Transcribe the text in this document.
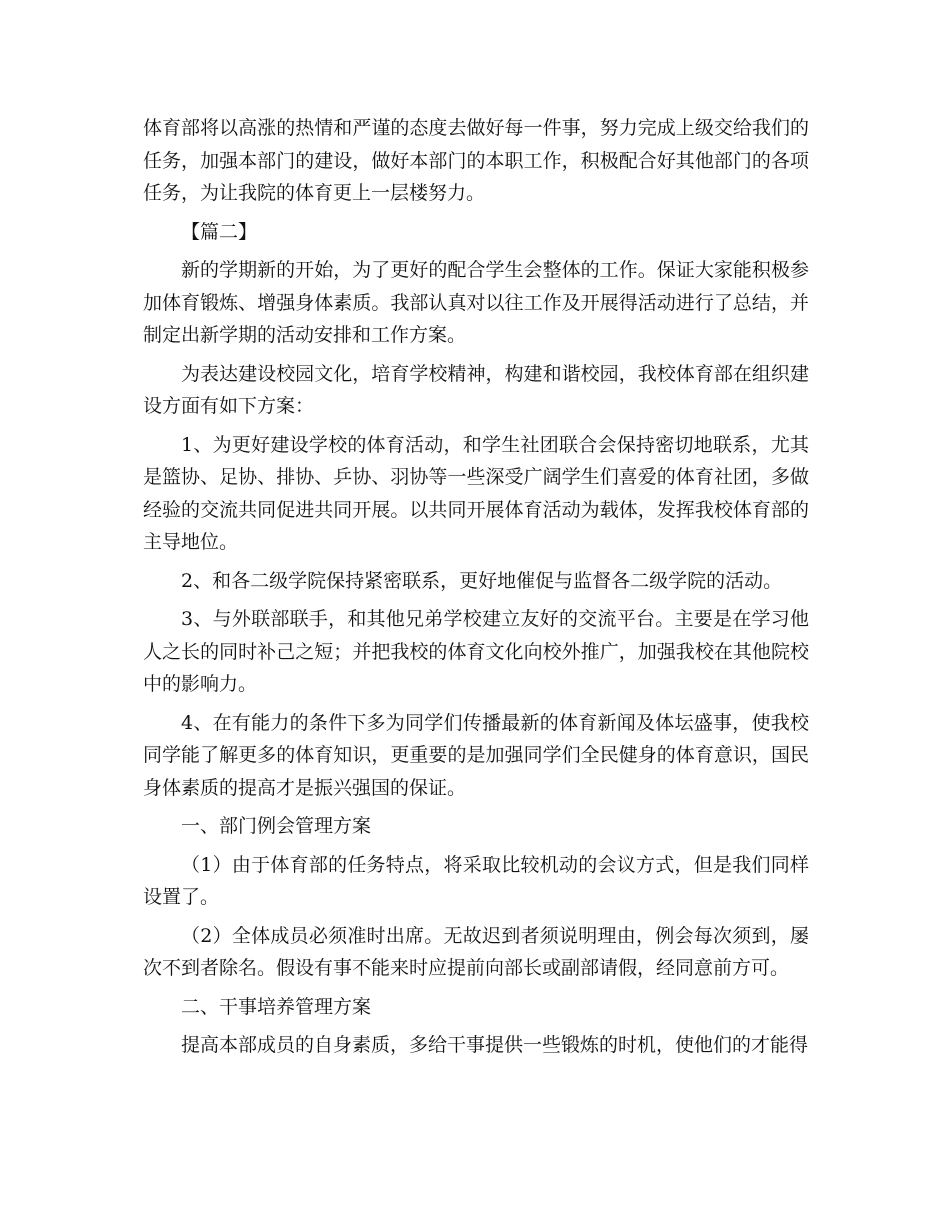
体育部将以高涨的热情和严谨的态度去做好每一件事，努力完成上级交给我们的任务，加强本部门的建设，做好本部门的本职工作，积极配合好其他部门的各项任务，为让我院的体育更上一层楼努力。

【篇二】

新的学期新的开始，为了更好的配合学生会整体的工作。保证大家能积极参加体育锻炼、增强身体素质。我部认真对以往工作及开展得活动进行了总结，并制定出新学期的活动安排和工作方案。

为表达建设校园文化，培育学校精神，构建和谐校园，我校体育部在组织建设方面有如下方案：

1、为更好建设学校的体育活动，和学生社团联合会保持密切地联系，尤其是篮协、足协、排协、乒协、羽协等一些深受广阔学生们喜爱的体育社团，多做经验的交流共同促进共同开展。以共同开展体育活动为载体，发挥我校体育部的主导地位。

2、和各二级学院保持紧密联系，更好地催促与监督各二级学院的活动。

3、与外联部联手，和其他兄弟学校建立友好的交流平台。主要是在学习他人之长的同时补己之短；并把我校的体育文化向校外推广，加强我校在其他院校中的影响力。

4、在有能力的条件下多为同学们传播最新的体育新闻及体坛盛事，使我校同学能了解更多的体育知识，更重要的是加强同学们全民健身的体育意识，国民身体素质的提高才是振兴强国的保证。

一、部门例会管理方案

（1）由于体育部的任务特点，将采取比较机动的会议方式，但是我们同样设置了。

（2）全体成员必须准时出席。无故迟到者须说明理由，例会每次须到，屡次不到者除名。假设有事不能来时应提前向部长或副部请假，经同意前方可。

二、干事培养管理方案

提高本部成员的自身素质，多给干事提供一些锻炼的时机，使他们的才能得
